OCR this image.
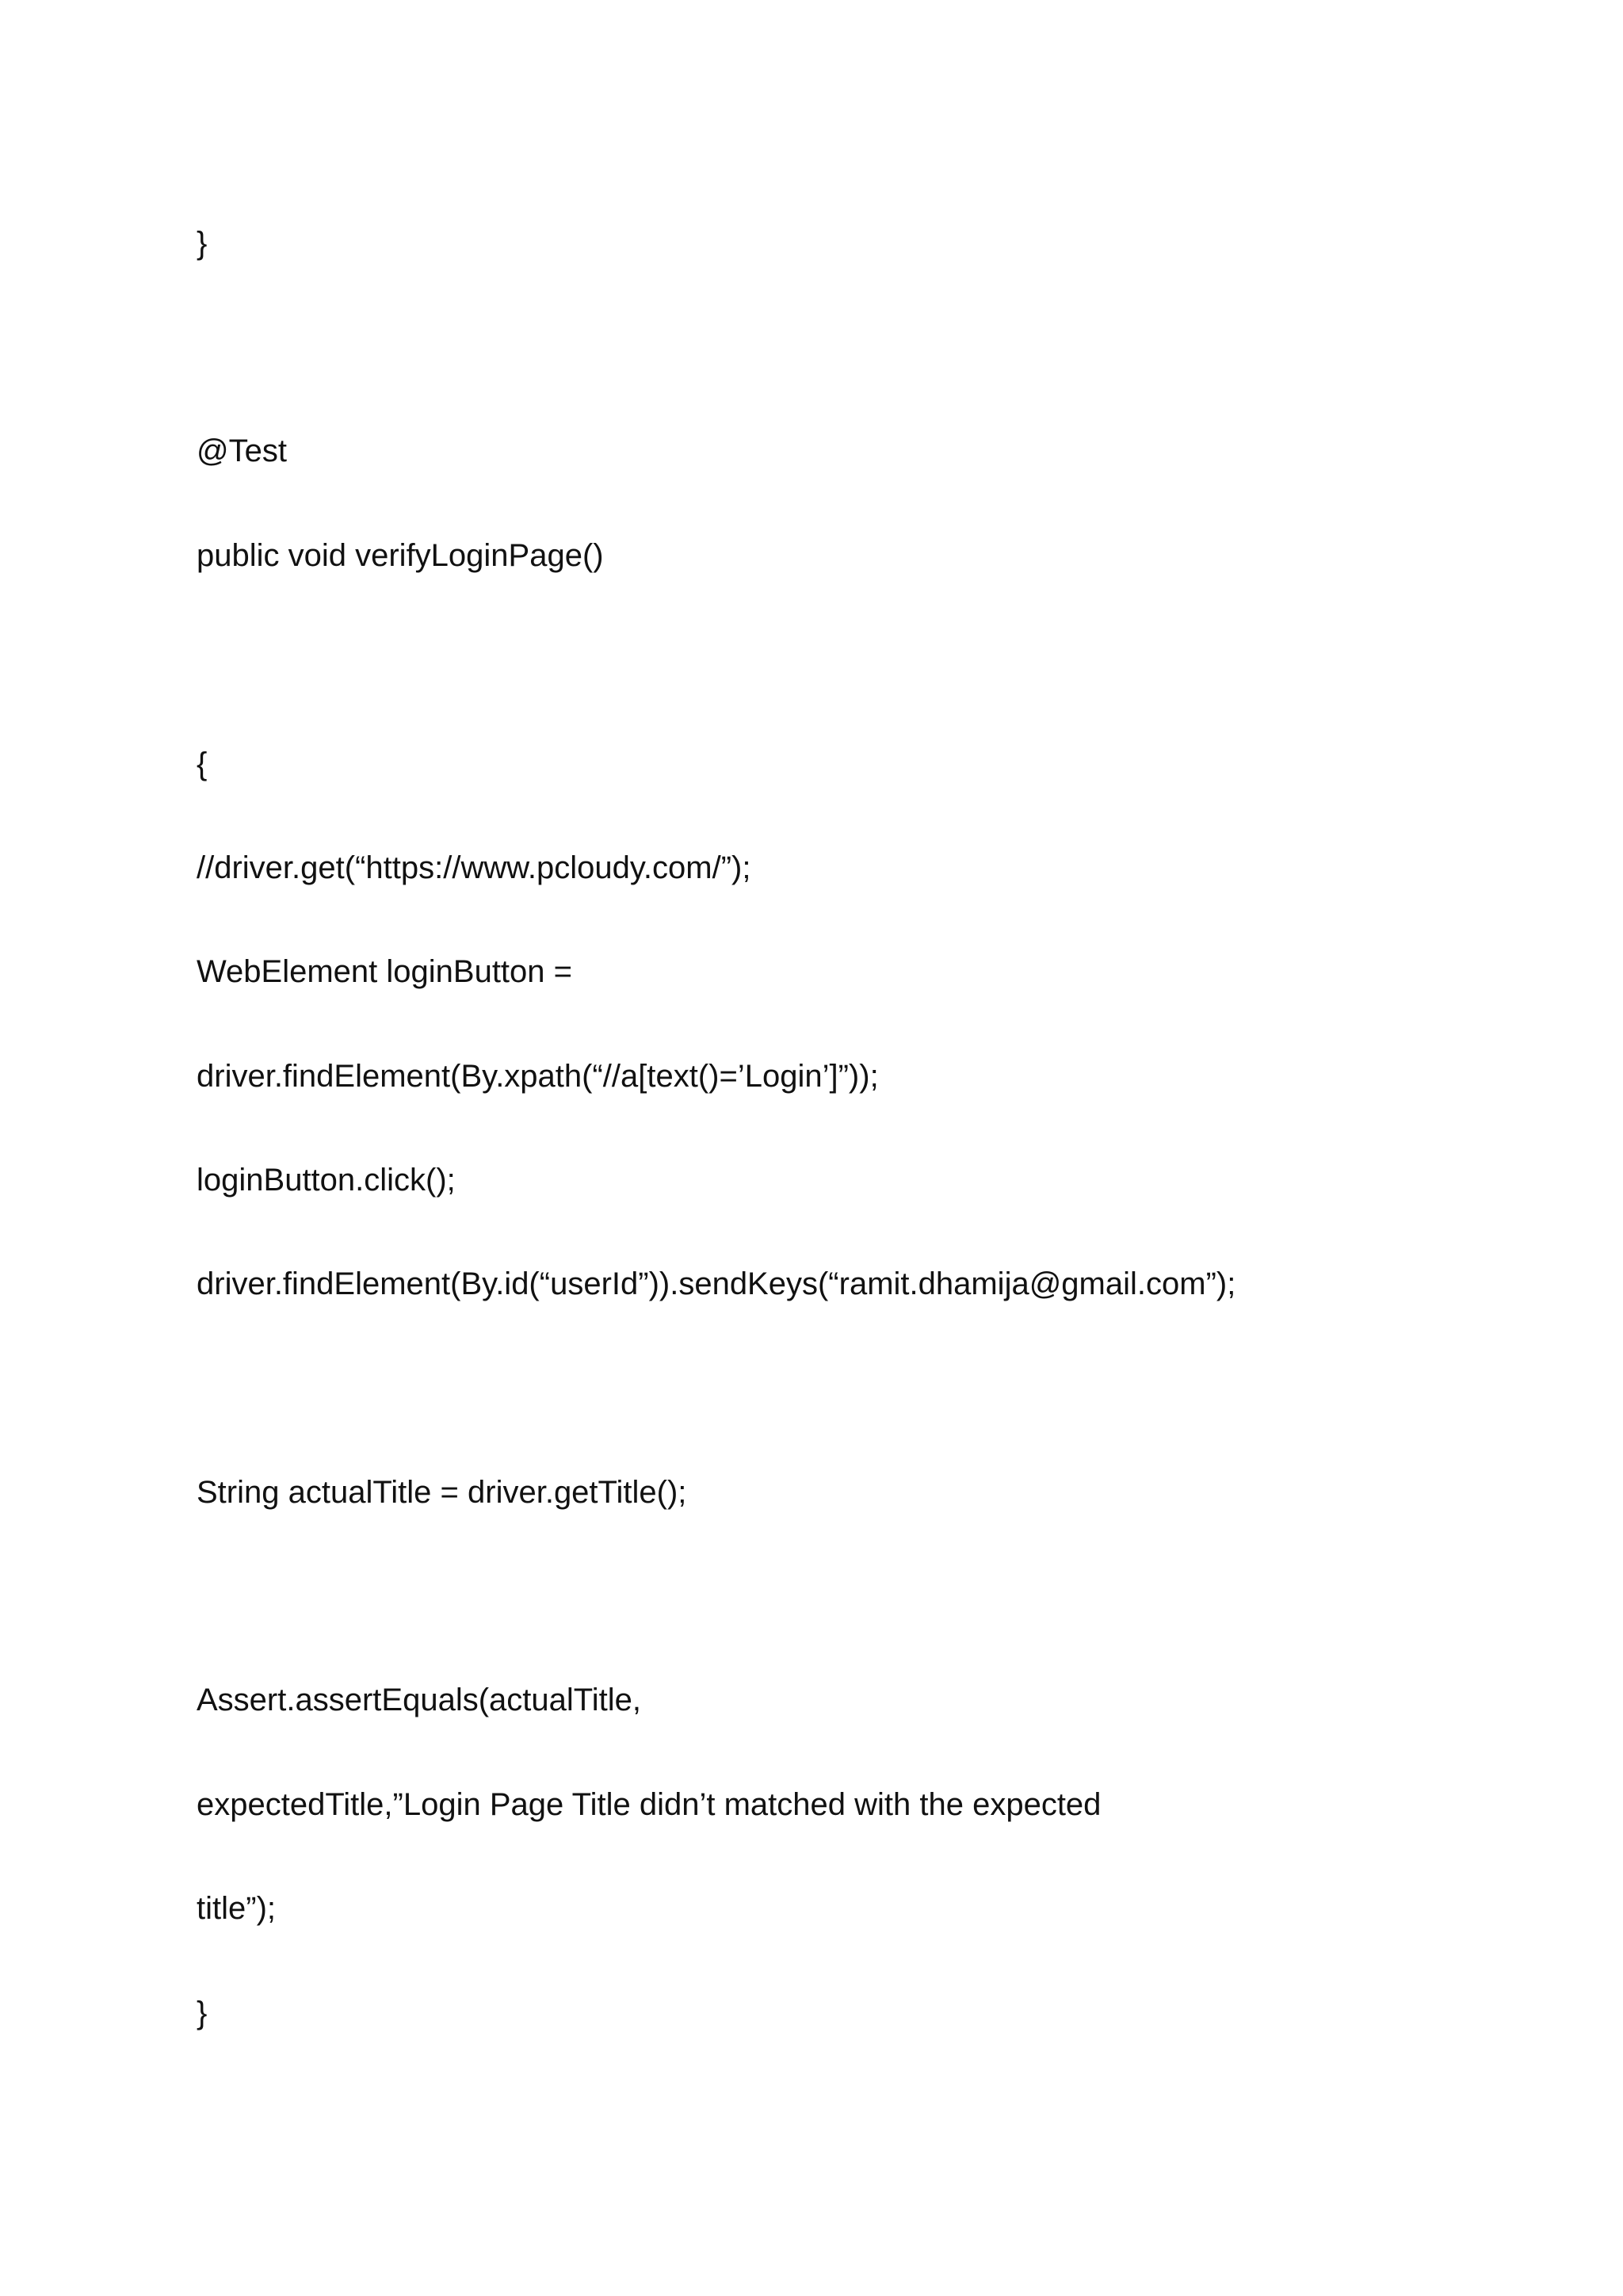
}
@Test
public void verifyLoginPage()
{
//driver.get(“https://www.pcloudy.com/”);
WebElement loginButton =
driver.findElement(By.xpath(“//a[text()=’Login’]”));
loginButton.click();
driver.findElement(By.id(“userId”)).sendKeys(“ramit.dhamija@gmail.com”);
String actualTitle = driver.getTitle();
Assert.assertEquals(actualTitle,
expectedTitle,”Login Page Title didn’t matched with the expected
title”);
}
